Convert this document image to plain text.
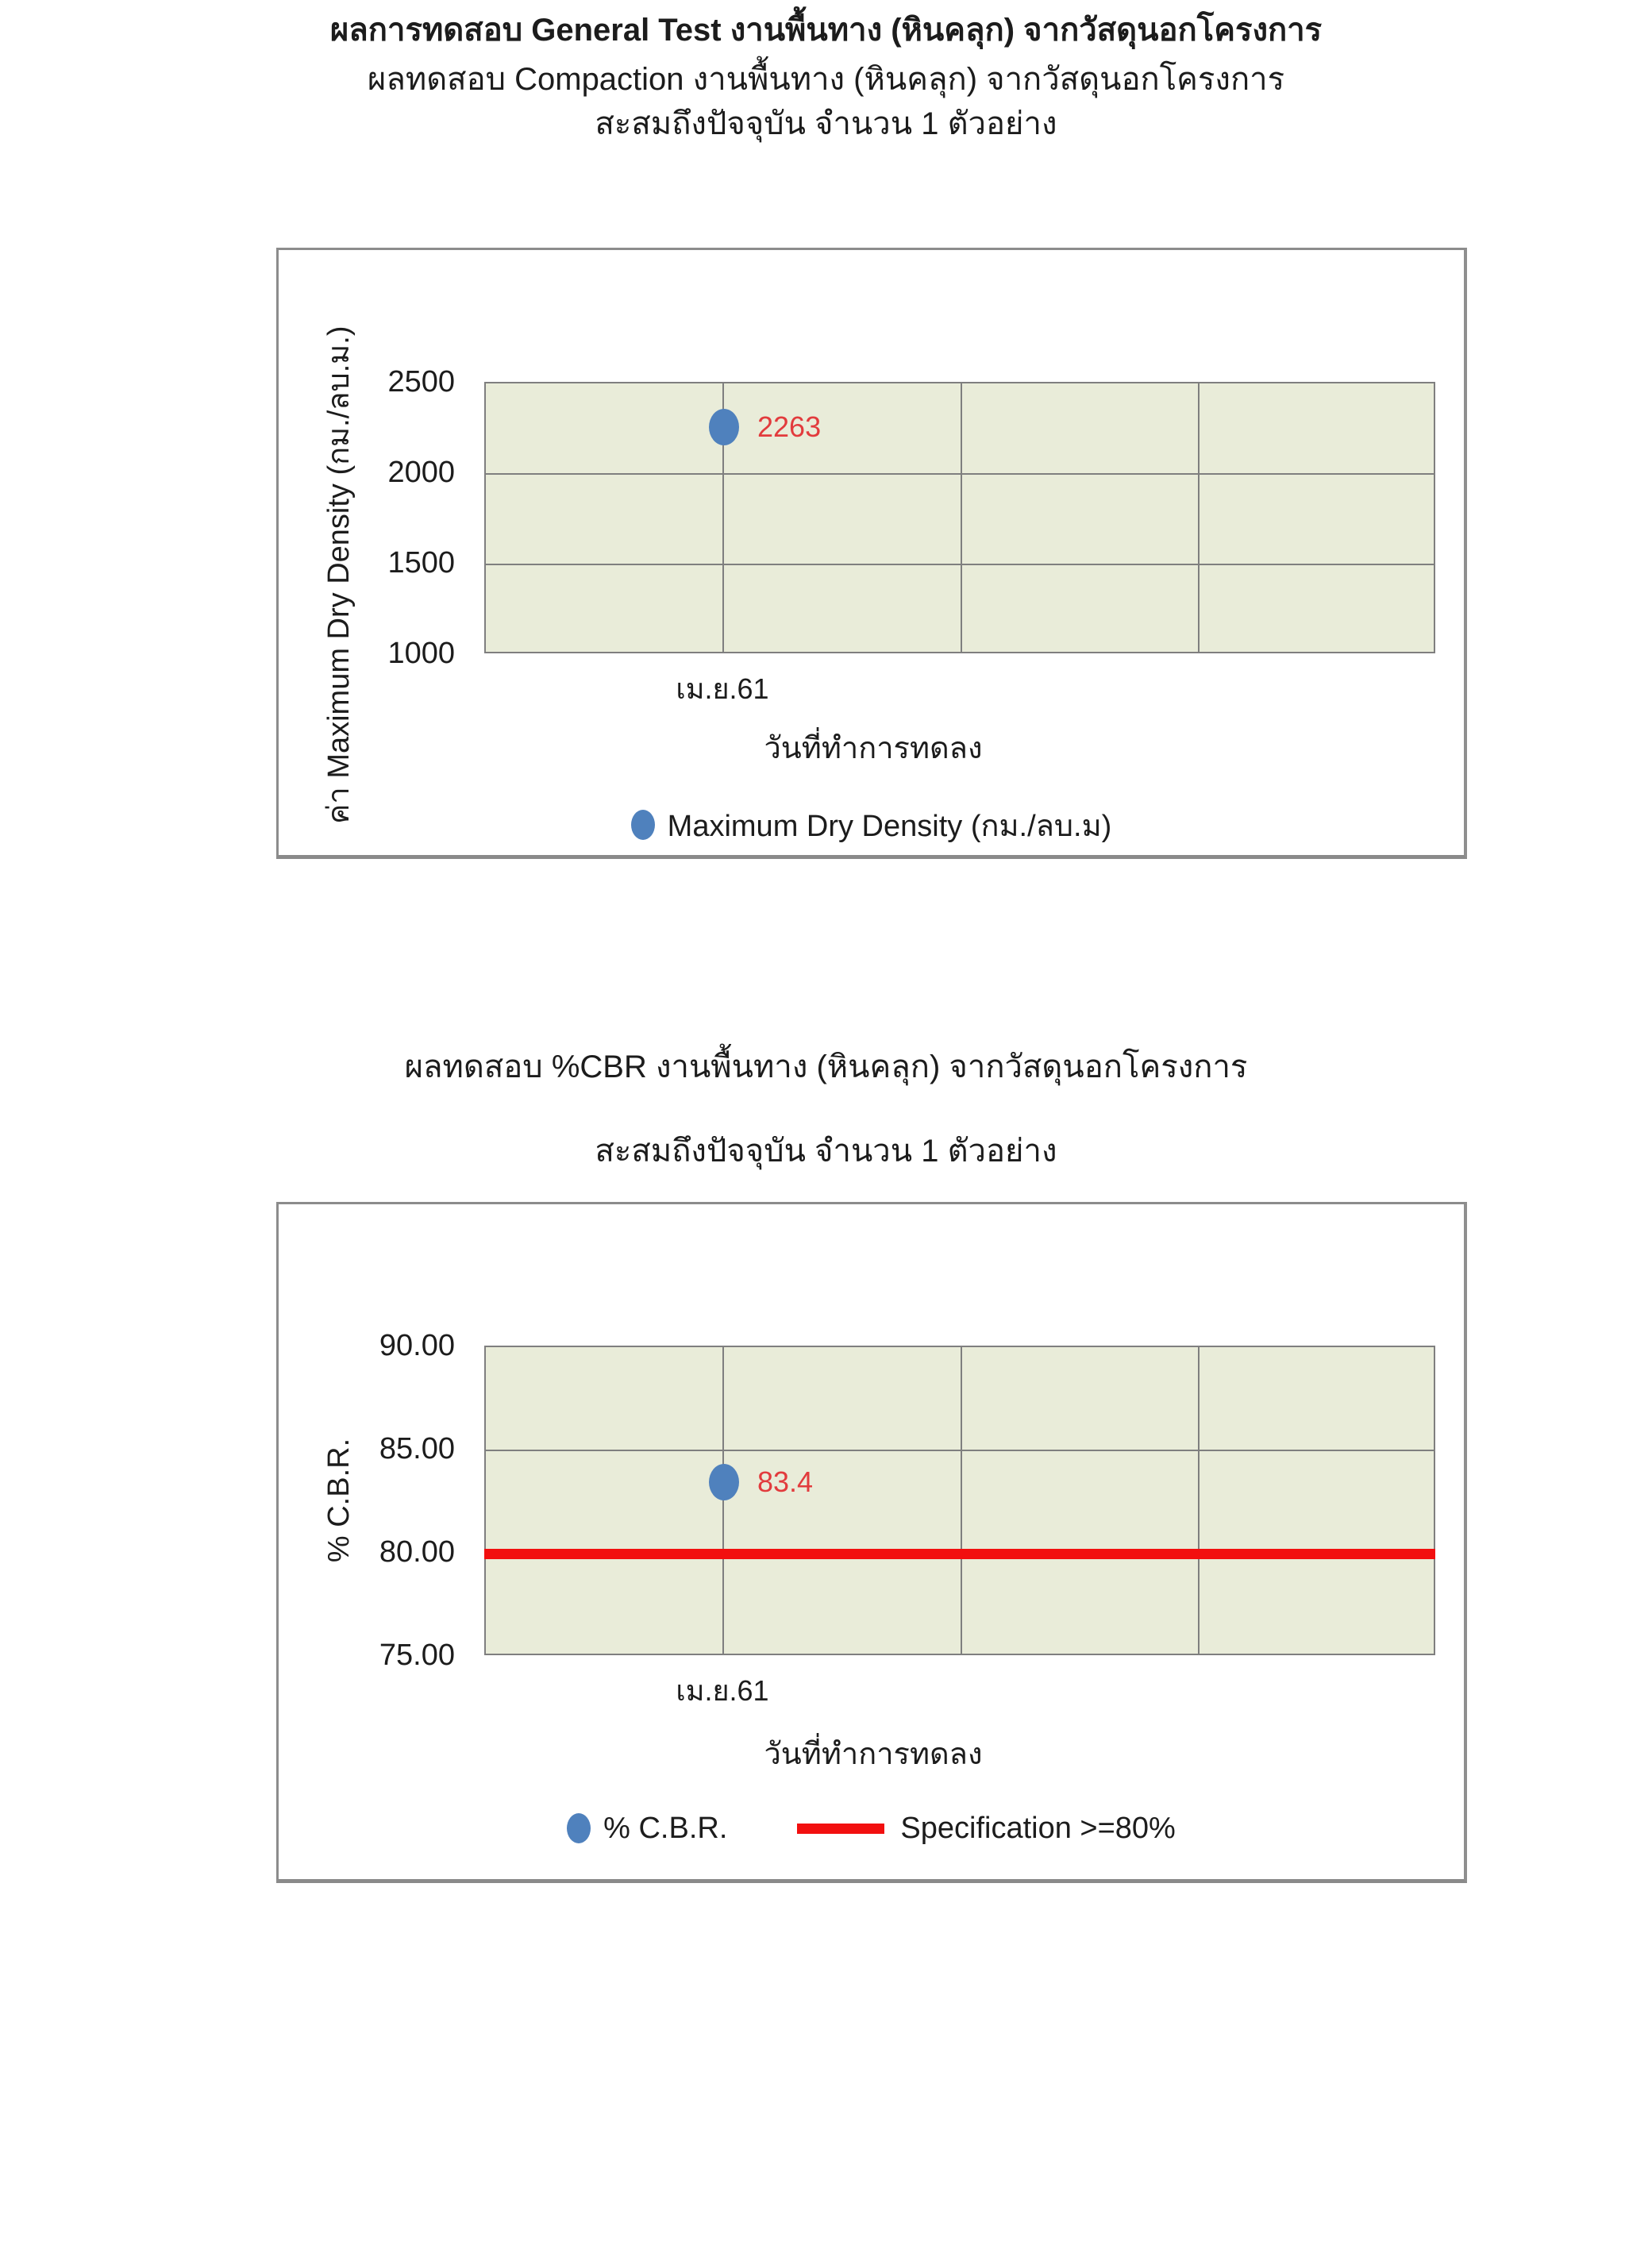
ผลการทดสอบ General Test งานพื้นทาง (หินคลุก) จากวัสดุนอกโครงการ
ผลทดสอบ Compaction งานพื้นทาง (หินคลุก) จากวัสดุนอกโครงการ
สะสมถึงปัจจุบัน จำนวน 1 ตัวอย่าง
ค่า Maximum Dry Density (กม./ลบ.ม.)	2500
2000
1500
1000
2263
เม.ย.61
วันที่ทำการทดลง
Maximum Dry Density (กม./ลบ.ม)
ผลทดสอบ %CBR งานพื้นทาง (หินคลุก) จากวัสดุนอกโครงการ
สะสมถึงปัจจุบัน จำนวน 1 ตัวอย่าง
% C.B.R.
90.00
85.00
80.00
75.00
83.4
เม.ย.61
วันที่ทำการทดลง
% C.B.R.	Specification >=80%
